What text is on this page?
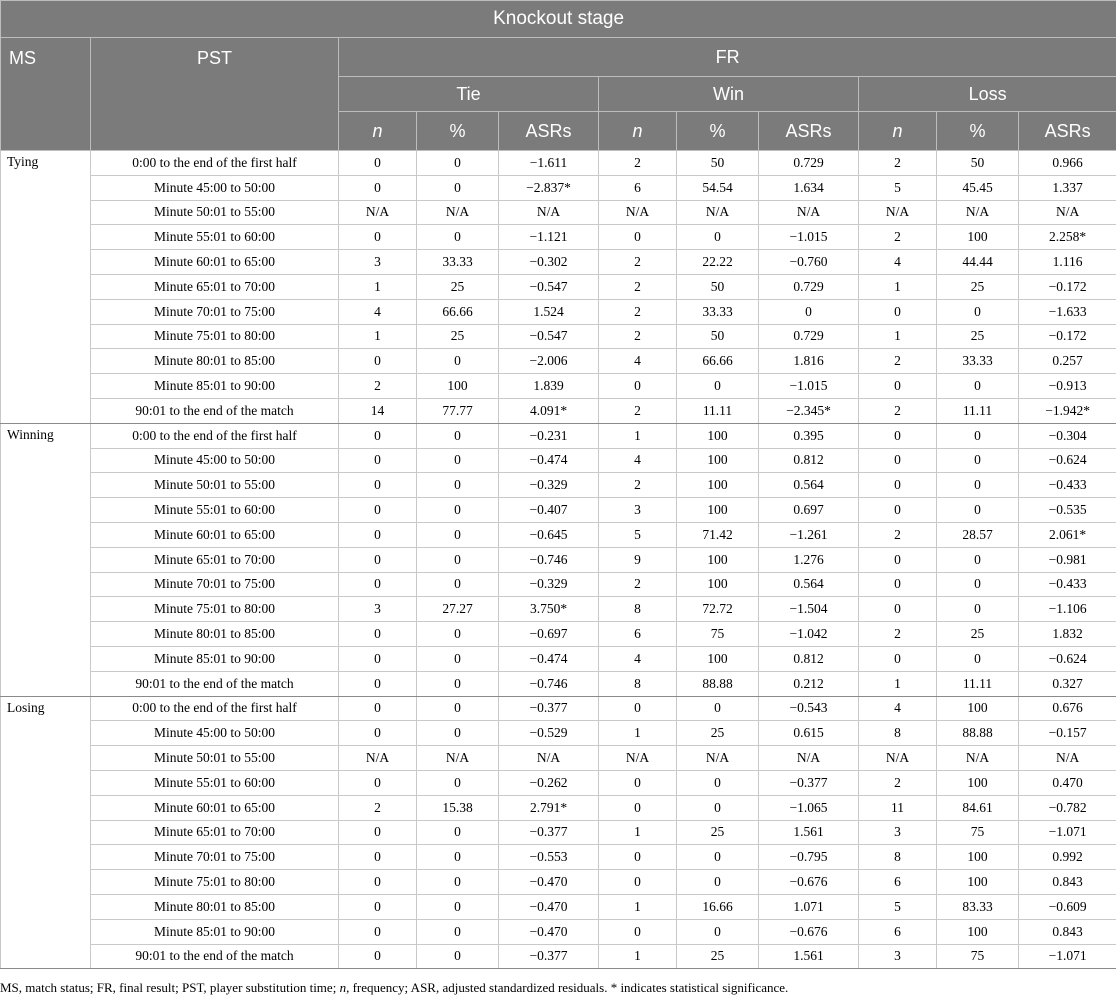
Knockout stage										
MS	PST	FR								
		Tie			Win			Loss		
		n	%	ASRs	n	%	ASRs	n	%	ASRs
Tying	0:00 to the end of the first half	0	0	−1.611	2	50	0.729	2	50	0.966
	Minute 45:00 to 50:00	0	0	−2.837*	6	54.54	1.634	5	45.45	1.337
	Minute 50:01 to 55:00	N/A	N/A	N/A	N/A	N/A	N/A	N/A	N/A	N/A
	Minute 55:01 to 60:00	0	0	−1.121	0	0	−1.015	2	100	2.258*
	Minute 60:01 to 65:00	3	33.33	−0.302	2	22.22	−0.760	4	44.44	1.116
	Minute 65:01 to 70:00	1	25	−0.547	2	50	0.729	1	25	−0.172
	Minute 70:01 to 75:00	4	66.66	1.524	2	33.33	0	0	0	−1.633
	Minute 75:01 to 80:00	1	25	−0.547	2	50	0.729	1	25	−0.172
	Minute 80:01 to 85:00	0	0	−2.006	4	66.66	1.816	2	33.33	0.257
	Minute 85:01 to 90:00	2	100	1.839	0	0	−1.015	0	0	−0.913
	90:01 to the end of the match	14	77.77	4.091*	2	11.11	−2.345*	2	11.11	−1.942*
Winning	0:00 to the end of the first half	0	0	−0.231	1	100	0.395	0	0	−0.304
	Minute 45:00 to 50:00	0	0	−0.474	4	100	0.812	0	0	−0.624
	Minute 50:01 to 55:00	0	0	−0.329	2	100	0.564	0	0	−0.433
	Minute 55:01 to 60:00	0	0	−0.407	3	100	0.697	0	0	−0.535
	Minute 60:01 to 65:00	0	0	−0.645	5	71.42	−1.261	2	28.57	2.061*
	Minute 65:01 to 70:00	0	0	−0.746	9	100	1.276	0	0	−0.981
	Minute 70:01 to 75:00	0	0	−0.329	2	100	0.564	0	0	−0.433
	Minute 75:01 to 80:00	3	27.27	3.750*	8	72.72	−1.504	0	0	−1.106
	Minute 80:01 to 85:00	0	0	−0.697	6	75	−1.042	2	25	1.832
	Minute 85:01 to 90:00	0	0	−0.474	4	100	0.812	0	0	−0.624
	90:01 to the end of the match	0	0	−0.746	8	88.88	0.212	1	11.11	0.327
Losing	0:00 to the end of the first half	0	0	−0.377	0	0	−0.543	4	100	0.676
	Minute 45:00 to 50:00	0	0	−0.529	1	25	0.615	8	88.88	−0.157
	Minute 50:01 to 55:00	N/A	N/A	N/A	N/A	N/A	N/A	N/A	N/A	N/A
	Minute 55:01 to 60:00	0	0	−0.262	0	0	−0.377	2	100	0.470
	Minute 60:01 to 65:00	2	15.38	2.791*	0	0	−1.065	11	84.61	−0.782
	Minute 65:01 to 70:00	0	0	−0.377	1	25	1.561	3	75	−1.071
	Minute 70:01 to 75:00	0	0	−0.553	0	0	−0.795	8	100	0.992
	Minute 75:01 to 80:00	0	0	−0.470	0	0	−0.676	6	100	0.843
	Minute 80:01 to 85:00	0	0	−0.470	1	16.66	1.071	5	83.33	−0.609
	Minute 85:01 to 90:00	0	0	−0.470	0	0	−0.676	6	100	0.843
	90:01 to the end of the match	0	0	−0.377	1	25	1.561	3	75	−1.071
MS, match status; FR, final result; PST, player substitution time; n, frequency; ASR, adjusted standardized residuals. * indicates statistical significance.
